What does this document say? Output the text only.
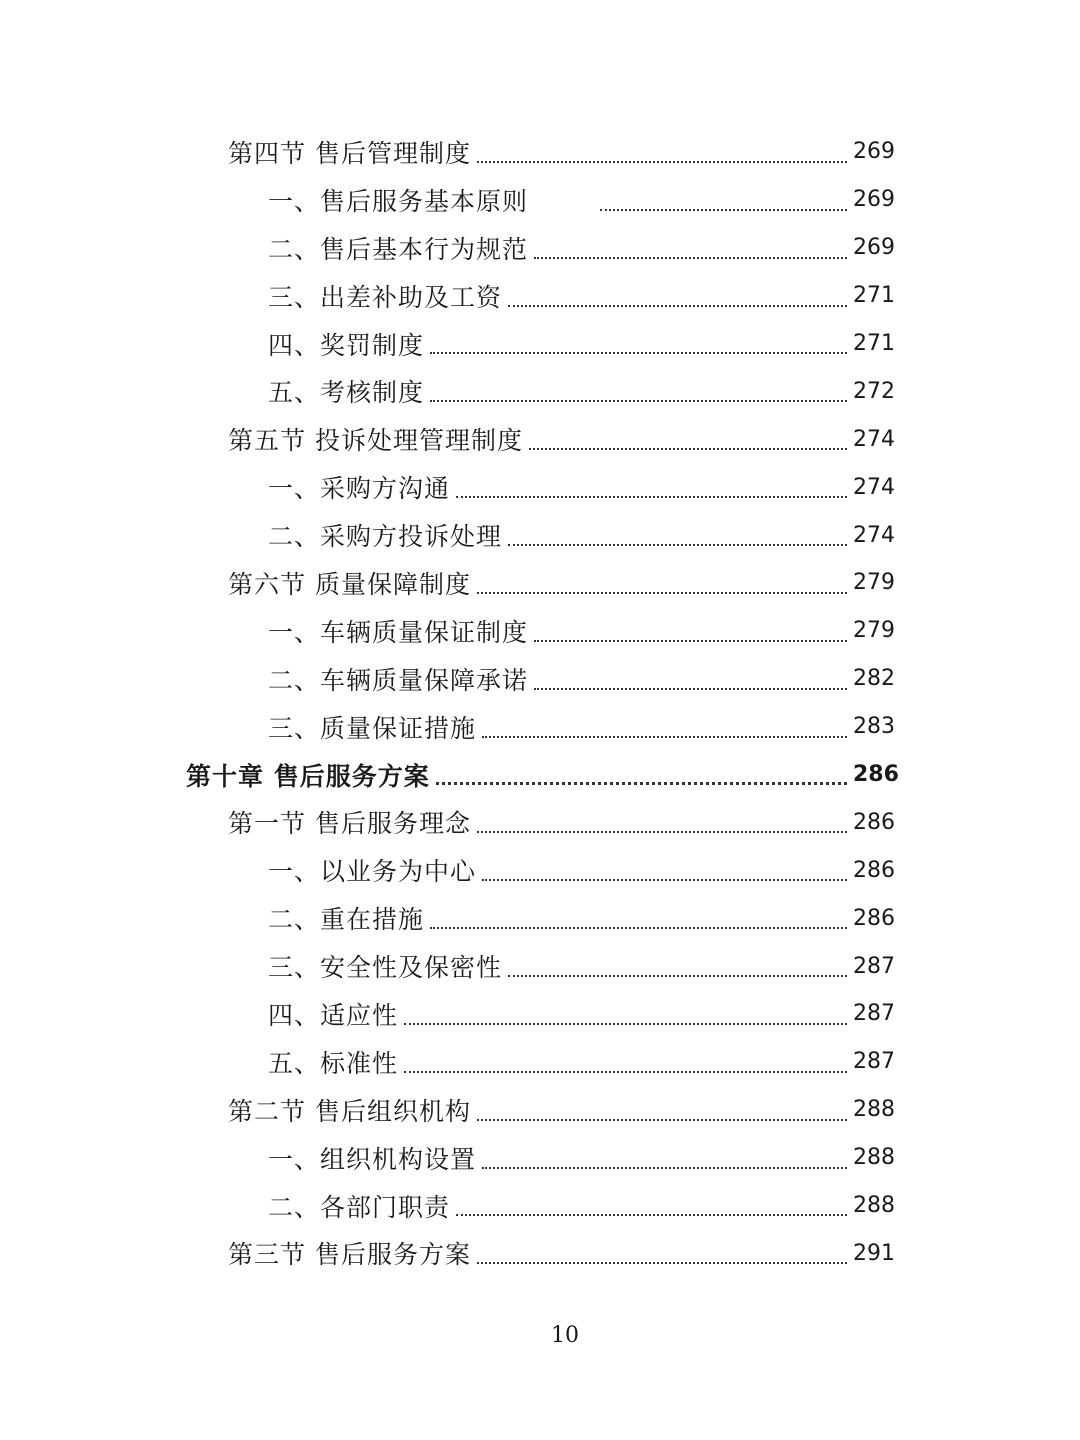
第四节 售后管理制度	269
一、售后服务基本原则	269
二、售后基本行为规范	269
三、出差补助及工资	271
四、奖罚制度	271
五、考核制度	272
第五节 投诉处理管理制度	274
一、采购方沟通	274
二、采购方投诉处理	274
第六节 质量保障制度	279
一、车辆质量保证制度	279
二、车辆质量保障承诺	282
三、质量保证措施	283
第十章 售后服务方案	286
第一节 售后服务理念	286
一、以业务为中心	286
二、重在措施	286
三、安全性及保密性	287
四、适应性	287
五、标准性	287
第二节 售后组织机构	288
一、组织机构设置	288
二、各部门职责	288
第三节 售后服务方案	291
10
